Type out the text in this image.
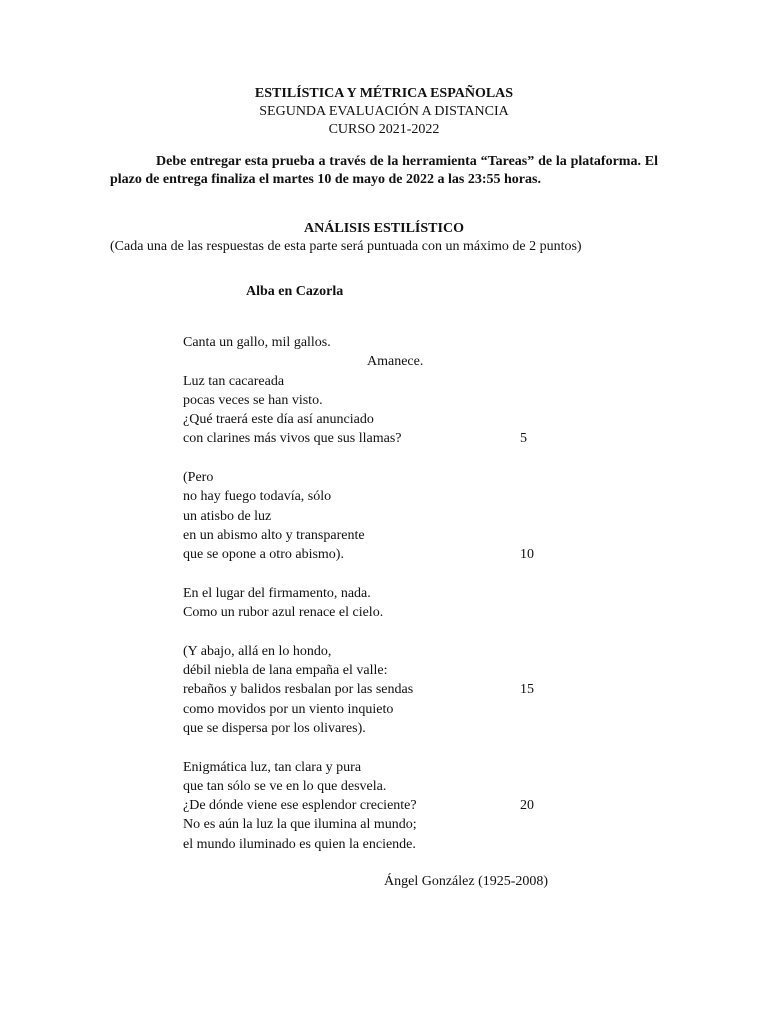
ESTILÍSTICA Y MÉTRICA ESPAÑOLAS
SEGUNDA EVALUACIÓN A DISTANCIA
CURSO 2021-2022
Debe entregar esta prueba a través de la herramienta “Tareas” de la plataforma. El plazo de entrega finaliza el martes 10 de mayo de 2022 a las 23:55 horas.
ANÁLISIS ESTILÍSTICO
(Cada una de las respuestas de esta parte será puntuada con un máximo de 2 puntos)
Alba en Cazorla
Canta un gallo, mil gallos.
Amanece.
Luz tan cacareada
pocas veces se han visto.
¿Qué traerá este día así anunciado
con clarines más vivos que sus llamas?	5
(Pero
no hay fuego todavía, sólo
un atisbo de luz
en un abismo alto y transparente
que se opone a otro abismo).	10
En el lugar del firmamento, nada.
Como un rubor azul renace el cielo.
(Y abajo, allá en lo hondo,
débil niebla de lana empaña el valle:
rebaños y balidos resbalan por las sendas	15
como movidos por un viento inquieto
que se dispersa por los olivares).
Enigmática luz, tan clara y pura
que tan sólo se ve en lo que desvela.
¿De dónde viene ese esplendor creciente?	20
No es aún la luz la que ilumina al mundo;
el mundo iluminado es quien la enciende.
Ángel González (1925-2008)
